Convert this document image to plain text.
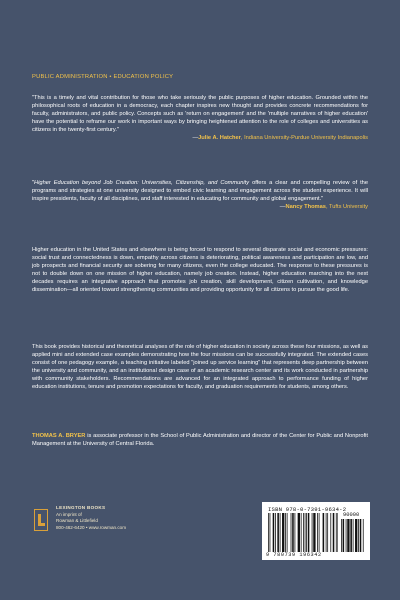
PUBLIC ADMINISTRATION • EDUCATION POLICY

"This is a timely and vital contribution for those who take seriously the public purposes of higher education. Grounded within the philosophical roots of education in a democracy, each chapter inspires new thought and provides concrete recommendations for faculty, administrators, and public policy. Concepts such as 'return on engagement' and the 'multiple narratives of higher education' have the potential to reframe our work in important ways by bringing heightened attention to the role of colleges and universities as citizens in the twenty-first century."
—Julie A. Hatcher, Indiana University-Purdue University Indianapolis

"Higher Education beyond Job Creation: Universities, Citizenship, and Community offers a clear and compelling review of the programs and strategies at one university designed to embed civic learning and engagement across the student experience. It will inspire presidents, faculty of all disciplines, and staff interested in educating for community and global engagement."
—Nancy Thomas, Tufts University

Higher education in the United States and elsewhere is being forced to respond to several disparate social and economic pressures: social trust and connectedness is down, empathy across citizens is deteriorating, political awareness and participation are low, and job prospects and financial security are sobering for many citizens, even the college educated. The response to these pressures is not to double down on one mission of higher education, namely job creation. Instead, higher education marching into the next decades requires an integrative approach that promotes job creation, skill development, citizen cultivation, and knowledge dissemination—all oriented toward strengthening communities and providing opportunity for all citizens to pursue the good life.

This book provides historical and theoretical analyses of the role of higher education in society across these four missions, as well as applied mini and extended case examples demonstrating how the four missions can be successfully integrated. The extended cases consist of one pedagogy example, a teaching initiative labeled "joined up service learning" that represents deep partnership between the university and community, and an institutional design case of an academic research center and its work conducted in partnership with community stakeholders. Recommendations are advanced for an integrated approach to performance funding of higher education institutions, tenure and promotion expectations for faculty, and graduation requirements for students, among others.

THOMAS A. BRYER is associate professor in the School of Public Administration and director of the Center for Public and Nonprofit Management at the University of Central Florida.

LEXINGTON BOOKS
An imprint of
Rowman & Littlefield
800-462-6420 • www.rowman.com
ISBN 978-0-7391-9634-2
90000
9 780739 196342
